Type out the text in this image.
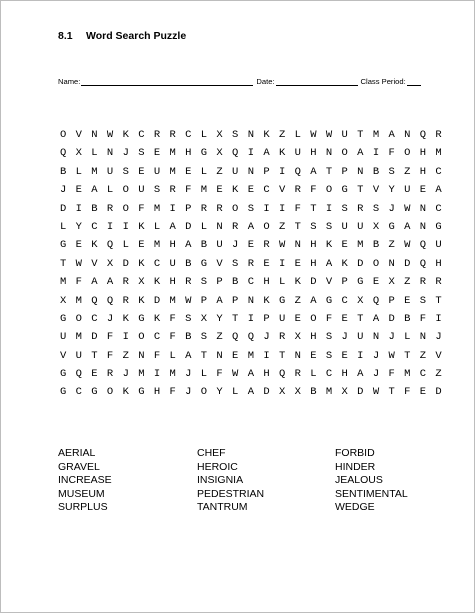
8.1 Word Search Puzzle
Name:	Date:	Class Period:
O V N W K C R R C L X S N K Z L W W U T M A N Q R
Q X L N J S E M H G X Q I A K U H N O A I F O H M
B L M U S E U M E L Z U N P I Q A T P N B S Z H C
J E A L O U S R F M E K E C V R F O G T V Y U E A
D I B R O F M I P R R O S I I F T I S R S J W N C
L Y C I I K L A D L N R A O Z T S S U U X G A N G
G E K Q L E M H A B U J E R W N H K E M B Z W Q U
T W V X D K C U B G V S R E I E H A K D O N D Q H
M F A A R X K H R S P B C H L K D V P G E X Z R R
X M Q Q R K D M W P A P N K G Z A G C X Q P E S T
G O C J K G K F S X Y T I P U E O F E T A D B F I
U M D F I O C F B S Z Q Q J R X H S J U N J L N J
V U T F Z N F L A T N E M I T N E S E I J W T Z V
G Q E R J M I M J L F W A H Q R L C H A J F M C Z
G C G O K G H F J O Y L A D X X B M X D W T F E D
AERIAL	CHEF	FORBID
GRAVEL	HEROIC	HINDER
INCREASE	INSIGNIA	JEALOUS
MUSEUM	PEDESTRIAN	SENTIMENTAL
SURPLUS	TANTRUM	WEDGE
